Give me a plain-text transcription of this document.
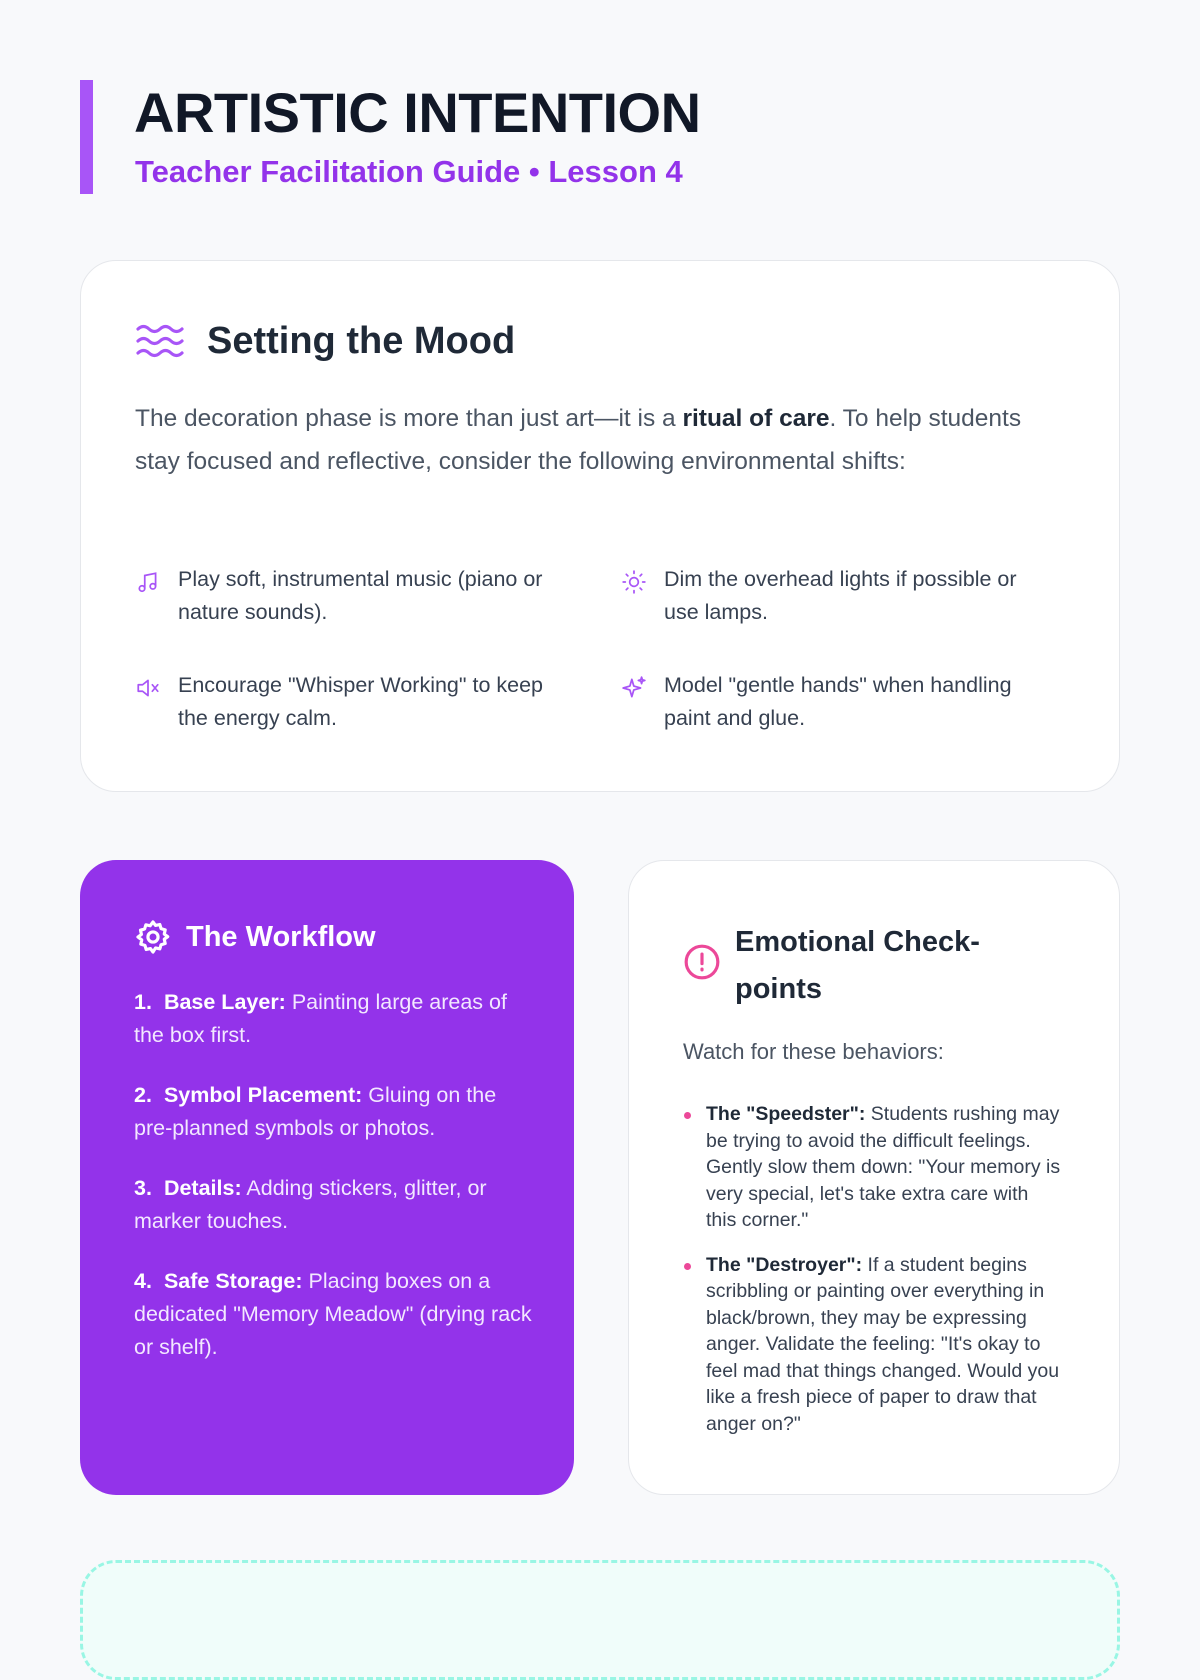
ARTISTIC INTENTION
Teacher Facilitation Guide • Lesson 4
Setting the Mood
The decoration phase is more than just art—it is a ritual of care. To help students stay focused and reflective, consider the following environmental shifts:
Play soft, instrumental music (piano or nature sounds).
Dim the overhead lights if possible or use lamps.
Encourage "Whisper Working" to keep the energy calm.
Model "gentle hands" when handling paint and glue.
The Workflow
1. Base Layer: Painting large areas of the box first.
2. Symbol Placement: Gluing on the pre-planned symbols or photos.
3. Details: Adding stickers, glitter, or marker touches.
4. Safe Storage: Placing boxes on a dedicated "Memory Meadow" (drying rack or shelf).
Emotional Check-points
Watch for these behaviors:
The "Speedster": Students rushing may be trying to avoid the difficult feelings. Gently slow them down: "Your memory is very special, let's take extra care with this corner."
The "Destroyer": If a student begins scribbling or painting over everything in black/brown, they may be expressing anger. Validate the feeling: "It's okay to feel mad that things changed. Would you like a fresh piece of paper to draw that anger on?"
